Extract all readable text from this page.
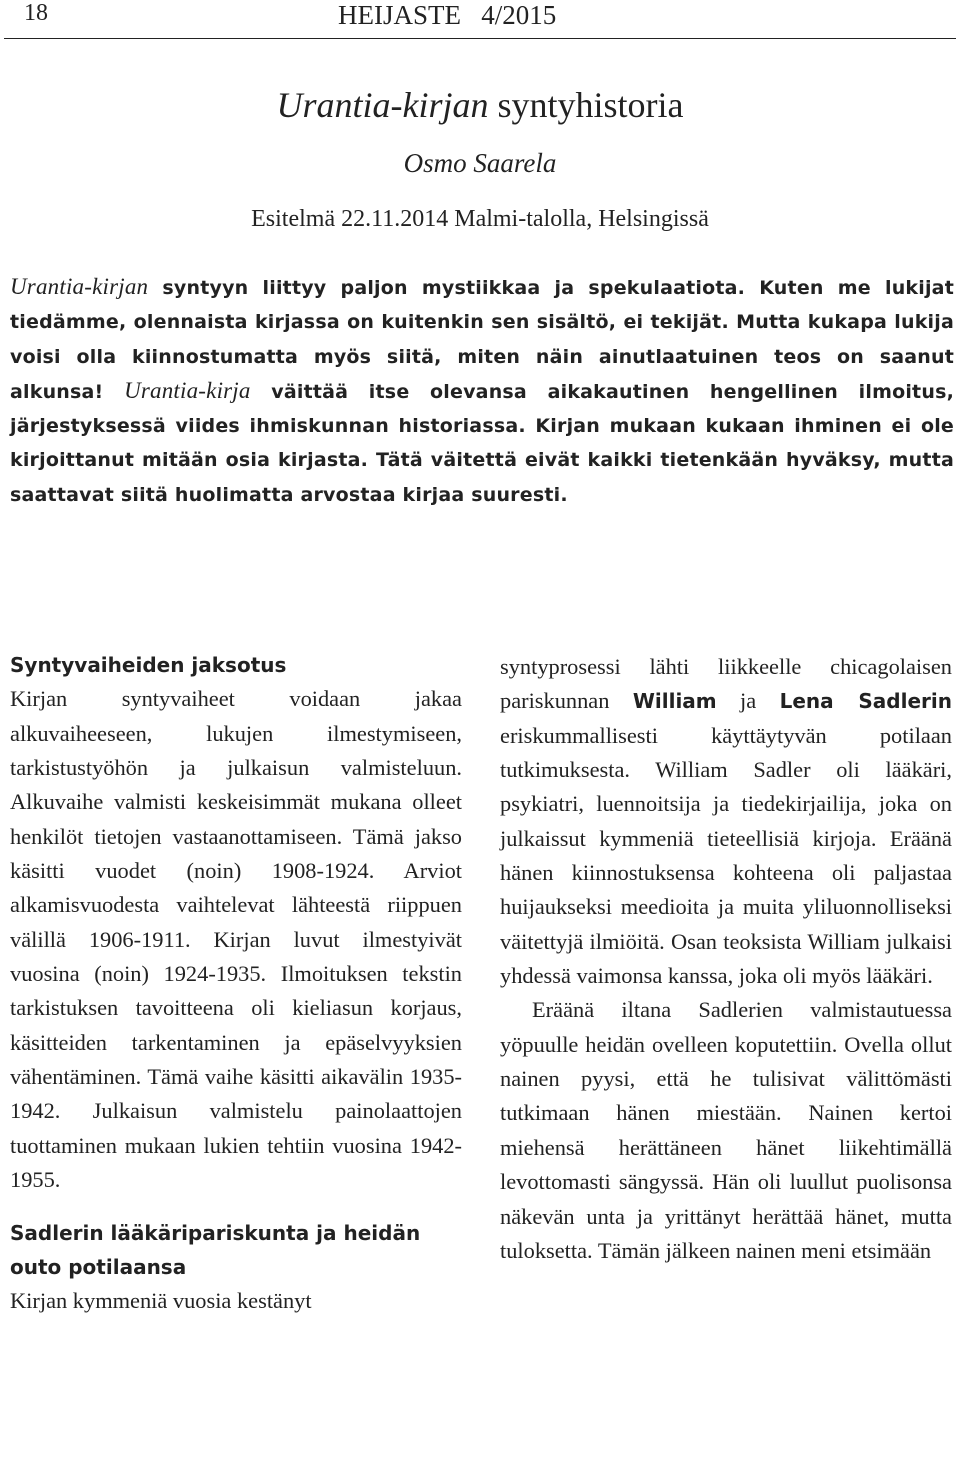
18	HEIJASTE   4/2015
Urantia-kirjan syntyhistoria
Osmo Saarela
Esitelmä 22.11.2014 Malmi-talolla, Helsingissä
Urantia-kirjan syntyyn liittyy paljon mystiikkaa ja spekulaatiota. Kuten me lukijat tiedämme, olennaista kirjassa on kuitenkin sen sisältö, ei tekijät. Mutta kukapa lukija voisi olla kiinnostumatta myös siitä, miten näin ainutlaatuinen teos on saanut alkunsa! Urantia-kirja väittää itse olevansa aikakautinen hengellinen ilmoitus, järjestyksessä viides ihmiskunnan historiassa. Kirjan mukaan kukaan ihminen ei ole kirjoittanut mitään osia kirjasta. Tätä väitettä eivät kaikki tietenkään hyväksy, mutta saattavat siitä huolimatta arvostaa kirjaa suuresti.

Syntyvaiheiden jaksotus

Kirjan syntyvaiheet voidaan jakaa alkuvaiheeseen, lukujen ilmestymiseen, tarkistustyöhön ja julkaisun valmisteluun. Alkuvaihe valmisti keskeisimmät mukana olleet henkilöt tietojen vastaanottamiseen. Tämä jakso käsitti vuodet (noin) 1908-1924. Arviot alkamisvuodesta vaihtelevat lähteestä riippuen välillä 1906-1911. Kirjan luvut ilmestyivät vuosina (noin) 1924-1935. Ilmoituksen tekstin tarkistuksen tavoitteena oli kieliasun korjaus, käsitteiden tarkentaminen ja epäselvyyksien vähentäminen. Tämä vaihe käsitti aikavälin 1935-1942. Julkaisun valmistelu painolaattojen tuottaminen mukaan lukien tehtiin vuosina 1942-1955.

Sadlerin lääkäripariskunta ja heidän outo potilaansa

Kirjan kymmeniä vuosia kestänyt

syntyprosessi lähti liikkeelle chicagolaisen pariskunnan William ja Lena Sadlerin eriskummallisesti käyttäytyvän potilaan tutkimuksesta. William Sadler oli lääkäri, psykiatri, luennoitsija ja tiedekirjailija, joka on julkaissut kymmeniä tieteellisiä kirjoja. Eräänä hänen kiinnostuksensa kohteena oli paljastaa huijaukseksi meedioita ja muita yliluonnolliseksi väitettyjä ilmiöitä. Osan teoksista William julkaisi yhdessä vaimonsa kanssa, joka oli myös lääkäri.

Eräänä iltana Sadlerien valmistautuessa yöpuulle heidän ovelleen koputettiin. Ovella ollut nainen pyysi, että he tulisivat välittömästi tutkimaan hänen miestään. Nainen kertoi miehensä herättäneen hänet liikehtimällä levottomasti sängyssä. Hän oli luullut puolisonsa näkevän unta ja yrittänyt herättää hänet, mutta tuloksetta. Tämän jälkeen nainen meni etsimään
